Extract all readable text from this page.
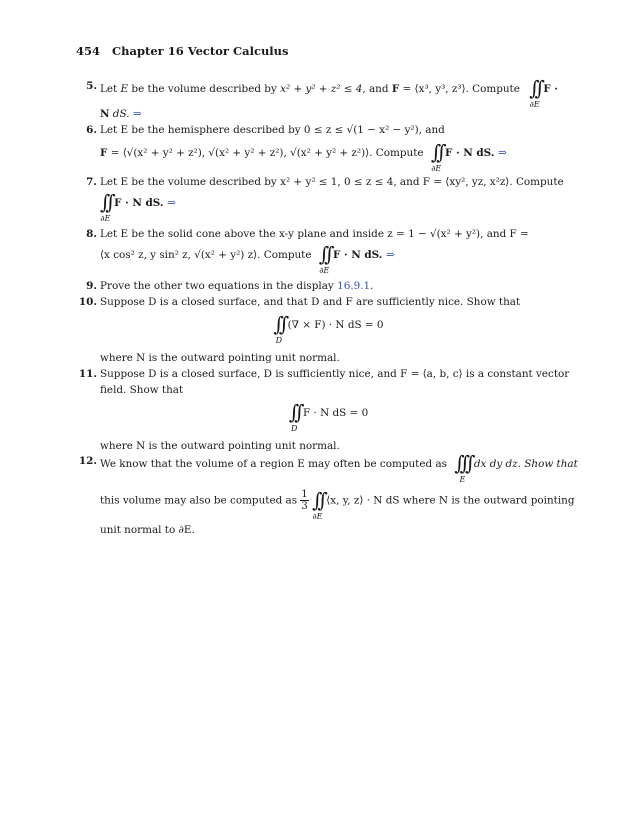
454 Chapter 16 Vector Calculus
5. Let E be the volume described by x² + y² + z² ≤ 4, and F = ⟨x³, y³, z³⟩. Compute ∫∫
∂E
F ·
N dS. ⇒
6. Let E be the hemisphere described by 0 ≤ z ≤ √(1 − x² − y²), and
F = ⟨√(x² + y² + z²), √(x² + y² + z²), √(x² + y² + z²)⟩. Compute ∫∫
∂E
F · N dS. ⇒
7. Let E be the volume described by x² + y² ≤ 1, 0 ≤ z ≤ 4, and F = ⟨xy², yz, x²z⟩. Compute
∫∫
∂E
F · N dS. ⇒
8. Let E be the solid cone above the x-y plane and inside z = 1 − √(x² + y²), and F =
⟨x cos² z, y sin² z, √(x² + y²) z⟩. Compute ∫∫
∂E
F · N dS. ⇒
9. Prove the other two equations in the display 16.9.1.
10. Suppose D is a closed surface, and that D and F are sufficiently nice. Show that
∫∫
D
(∇ × F) · N dS = 0
where N is the outward pointing unit normal.
11. Suppose D is a closed surface, D is sufficiently nice, and F = ⟨a, b, c⟩ is a constant vector
field. Show that
∫∫
D
F · N dS = 0
where N is the outward pointing unit normal.
12. We know that the volume of a region E may often be computed as ∫∫∫
E
dx dy dz. Show that
this volume may also be computed as $\frac{1}{3}$ ∫∫
∂E
⟨x, y, z⟩ · N dS where N is the outward pointing
unit normal to ∂E.
